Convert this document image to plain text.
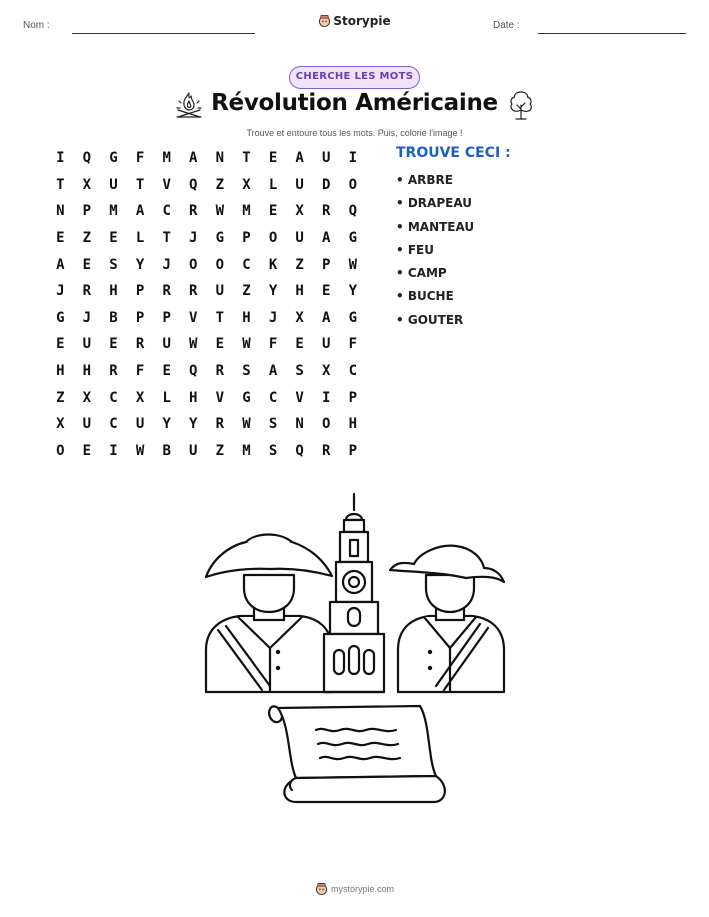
Nom :	Storypie	Date :
CHERCHE LES MOTS
Révolution Américaine
Trouve et entoure tous les mots. Puis, colorie l'image !
I	Q	G	F	M	A	N	T	E	A	U	I
T	X	U	T	V	Q	Z	X	L	U	D	O
N	P	M	A	C	R	W	M	E	X	R	Q
E	Z	E	L	T	J	G	P	O	U	A	G
A	E	S	Y	J	O	O	C	K	Z	P	W
J	R	H	P	R	R	U	Z	Y	H	E	Y
G	J	B	P	P	V	T	H	J	X	A	G
E	U	E	R	U	W	E	W	F	E	U	F
H	H	R	F	E	Q	R	S	A	S	X	C
Z	X	C	X	L	H	V	G	C	V	I	P
X	U	C	U	Y	Y	R	W	S	N	O	H
O	E	I	W	B	U	Z	M	S	Q	R	P
TROUVE CECI :
• ARBRE
• DRAPEAU
• MANTEAU
• FEU
• CAMP
• BUCHE
• GOUTER
mystorypie.com
